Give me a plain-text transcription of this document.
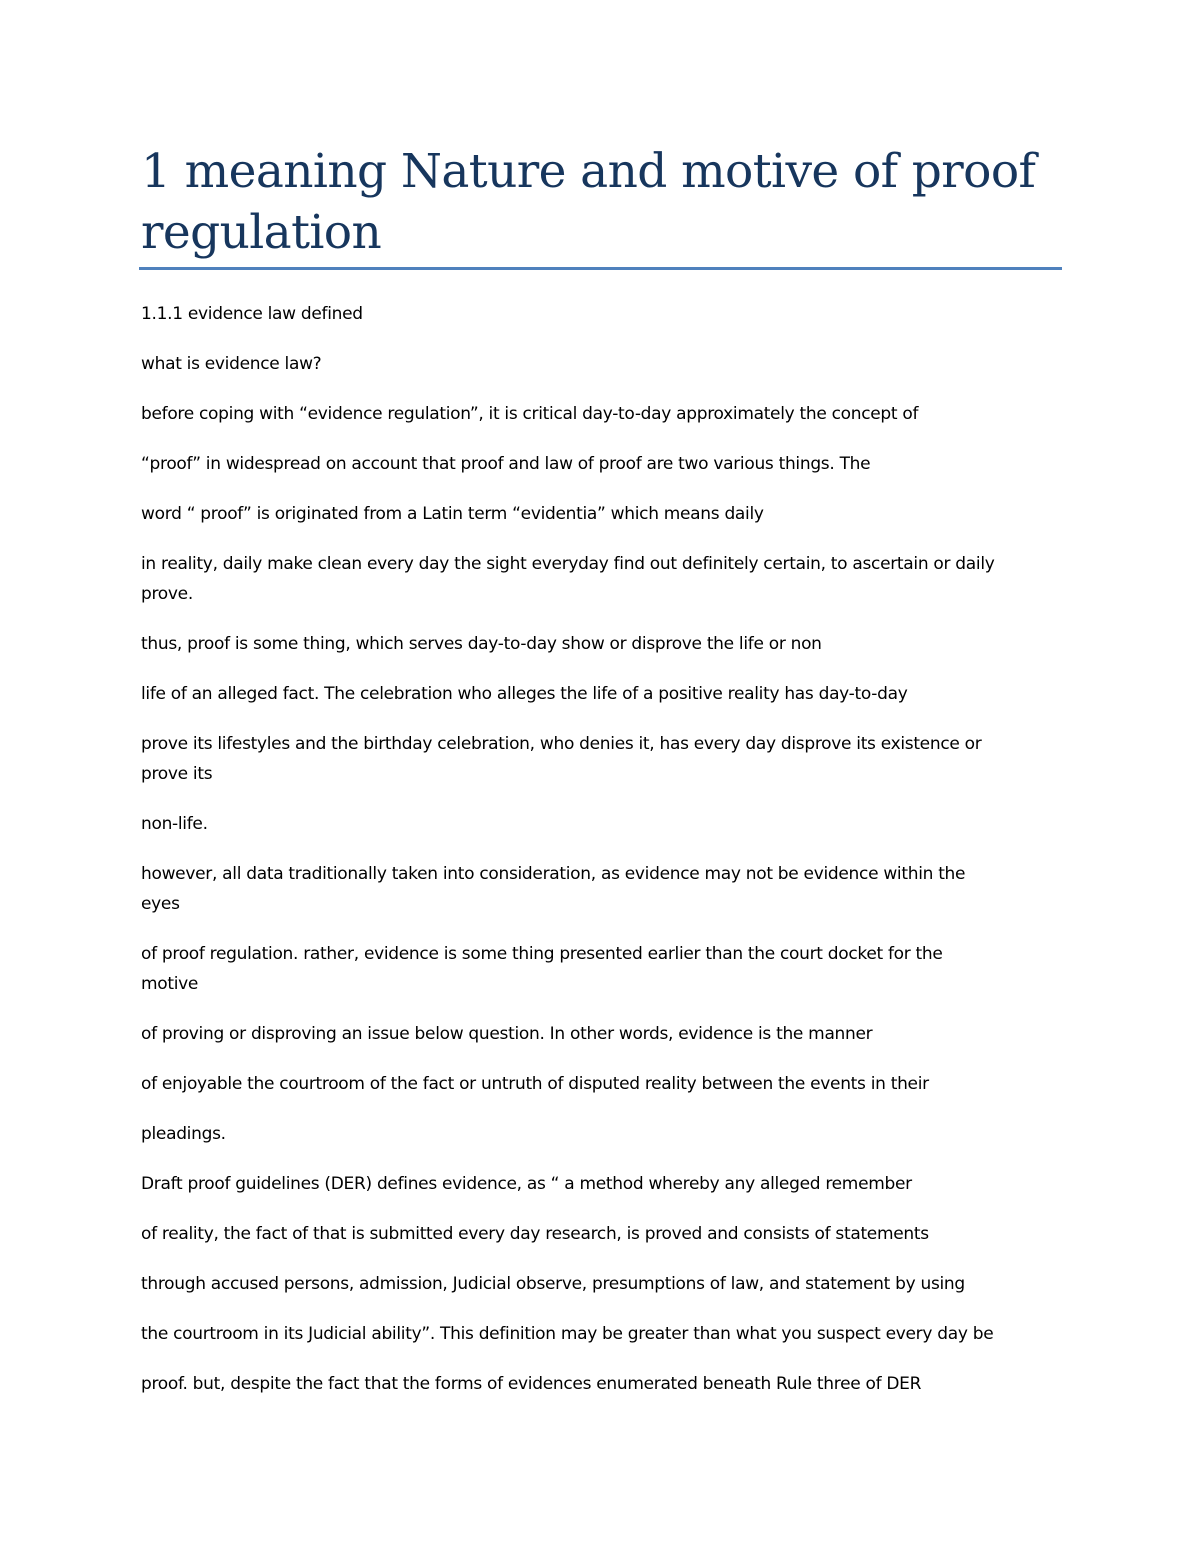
1 meaning Nature and motive of proof regulation

1.1.1 evidence law defined

what is evidence law?

before coping with “evidence regulation”, it is critical day-to-day approximately the concept of

“proof” in widespread on account that proof and law of proof are two various things. The

word “ proof” is originated from a Latin term “evidentia” which means daily

in reality, daily make clean every day the sight everyday find out definitely certain, to ascertain or daily
prove.

thus, proof is some thing, which serves day-to-day show or disprove the life or non

life of an alleged fact. The celebration who alleges the life of a positive reality has day-to-day

prove its lifestyles and the birthday celebration, who denies it, has every day disprove its existence or
prove its

non-life.

however, all data traditionally taken into consideration, as evidence may not be evidence within the
eyes

of proof regulation. rather, evidence is some thing presented earlier than the court docket for the
motive

of proving or disproving an issue below question. In other words, evidence is the manner

of enjoyable the courtroom of the fact or untruth of disputed reality between the events in their

pleadings.

Draft proof guidelines (DER) defines evidence, as “ a method whereby any alleged remember

of reality, the fact of that is submitted every day research, is proved and consists of statements

through accused persons, admission, Judicial observe, presumptions of law, and statement by using

the courtroom in its Judicial ability”. This definition may be greater than what you suspect every day be

proof. but, despite the fact that the forms of evidences enumerated beneath Rule three of DER
